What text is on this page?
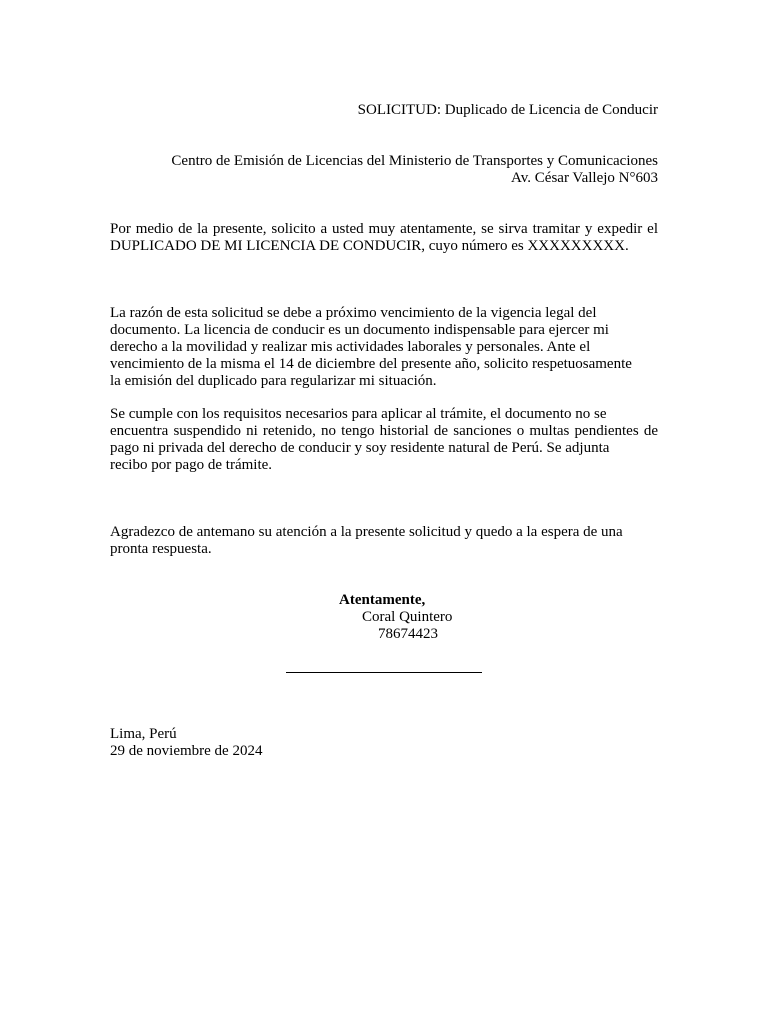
SOLICITUD: Duplicado de Licencia de Conducir
Centro de Emisión de Licencias del Ministerio de Transportes y Comunicaciones
Av. César Vallejo N°603
Por medio de la presente, solicito a usted muy atentamente, se sirva tramitar y expedir el
DUPLICADO DE MI LICENCIA DE CONDUCIR, cuyo número es XXXXXXXXX.
La razón de esta solicitud se debe a próximo vencimiento de la vigencia legal del
documento. La licencia de conducir es un documento indispensable para ejercer mi
derecho a la movilidad y realizar mis actividades laborales y personales. Ante el
vencimiento de la misma el 14 de diciembre del presente año, solicito respetuosamente
la emisión del duplicado para regularizar mi situación.
Se cumple con los requisitos necesarios para aplicar al trámite, el documento no se
encuentra suspendido ni retenido, no tengo historial de sanciones o multas pendientes de
pago ni privada del derecho de conducir y soy residente natural de Perú. Se adjunta
recibo por pago de trámite.
Agradezco de antemano su atención a la presente solicitud y quedo a la espera de una
pronta respuesta.
Atentamente,
Coral Quintero
78674423
Lima, Perú
29 de noviembre de 2024
